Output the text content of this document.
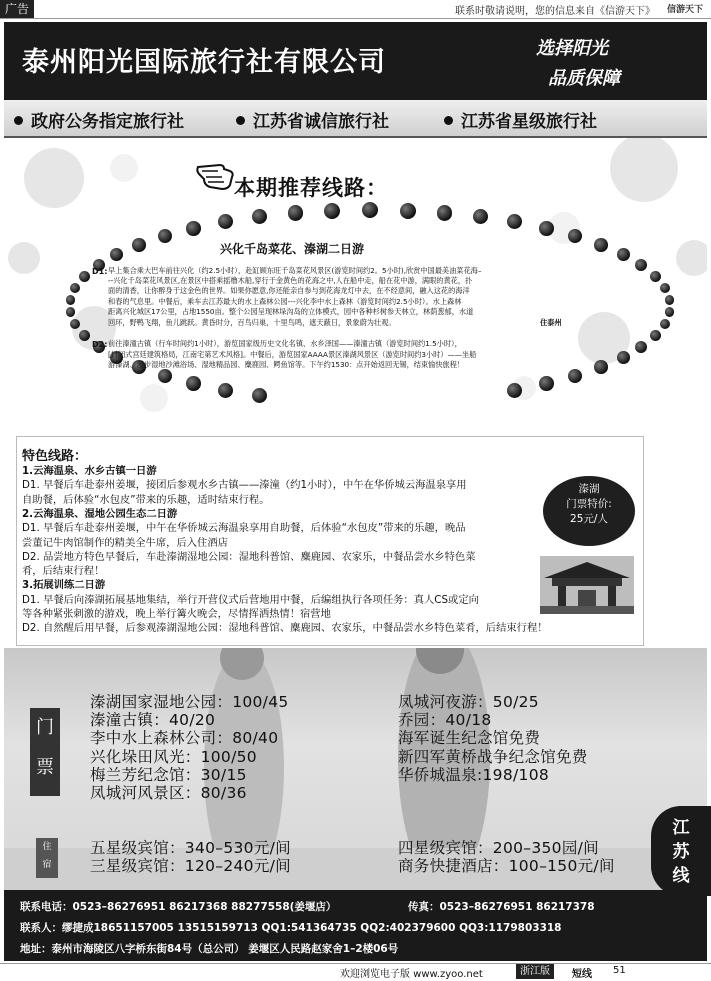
广告	联系时敬请说明，您的信息来自《信游天下》 信游天下
泰州阳光国际旅行社有限公司	选择阳光
品质保障
政府公务指定旅行社	江苏省诚信旅行社	江苏省星级旅行社
本期推荐线路：
兴化千岛菜花、溱湖二日游
D1: 早上集合乘大巴车前往兴化（约2.5小时），赴缸顾东旺千岛菜花风景区(游览时间约2。5小时),欣赏中国最美油菜花海–
--兴化千岛菜花风景区,在景区中搭乘摇橹木船,穿行于金黄色的花海之中,人在船中走，船在花中游，满眼的黄花，扑
面的清香，让你醉身于这金色的世界。如果你愿意,你还能亲自参与到花海龙灯中去，在不经意间，融入这花的海洋
和春的气息里。中餐后，乘车去江苏最大的水上森林公园---兴化李中水上森林（游览时间约2.5小时）。水上森林
距离兴化城区17公里，占地1550亩。整个公园呈现林垛沟岛的立体模式，园中各种杉树参天林立，林荫葱郁，水道
回环，野鸭飞翔，鱼儿跳跃。黄昏时分，百鸟归巢，十里鸟鸣，遮天蔽日，景象蔚为壮观。	住泰州
D2: 前往溱潼古镇（行车时间约1小时），游览国家级历史文化名镇、水乡泽国——溱潼古镇（游览时间约1.5小时），
[封闭式宫廷建筑格局，江南宅第艺术风格]。中餐后，游览国家AAAA景区溱湖风景区（游览时间约3小时）——坐船
游溱湖、漫步湿地沙滩浴场、湿地精品园、麋鹿园、鳄鱼馆等。下午约1530：点开始返回无锡，结束愉快旅程！
特色线路：
1.云海温泉、水乡古镇一日游
D1. 早餐后车赴泰州姜堰，接团后参观水乡古镇——溱潼（约1小时），中午在华侨城云海温泉享用
自助餐，后体验“水包皮”带来的乐趣，适时结束行程。
2.云海温泉、湿地公园生态二日游
D1. 早餐后车赴泰州姜堰，中午在华侨城云海温泉享用自助餐，后体验“水包皮”带来的乐趣，晚品
尝董记牛肉馆制作的精美全牛席，后入住酒店
D2. 品尝地方特色早餐后，车赴溱湖湿地公园：湿地科普馆、麋鹿园、农家乐，中餐品尝水乡特色菜
肴，后结束行程！
3.拓展训练二日游
D1. 早餐后向溱湖拓展基地集结，举行开营仪式后营地用中餐，后编组执行各项任务：真人CS或定向
等各种紧张刺激的游戏，晚上举行篝火晚会，尽情挥洒热情！宿营地
D2. 自然醒后用早餐，后参观溱湖湿地公园：湿地科普馆、麋鹿园、农家乐，中餐品尝水乡特色菜肴，后结束行程！
溱湖
门票特价:
25元/人
门
票
溱湖国家湿地公园：100/45
溱潼古镇：40/20
李中水上森林公司：80/40
兴化垛田风光：100/50
梅兰芳纪念馆：30/15
凤城河风景区：80/36
凤城河夜游：50/25
乔园：40/18
海军诞生纪念馆免费
新四军黄桥战争纪念馆免费
华侨城温泉:198/108
住
宿
五星级宾馆：340–530元/间
三星级宾馆：120–240元/间
四星级宾馆：200–350园/间
商务快捷酒店：100–150元/间
江
苏
线
联系电话：0523–86276951 86217368 88277558(姜堰店）	传真：0523–86276951 86217378
联系人：缪捷成18651157005 13515159713 QQ1:541364735 QQ2:402379600 QQ3:1179803318
地址：泰州市海陵区八字桥东街84号（总公司） 姜堰区人民路赵家舍1–2楼06号
欢迎浏览电子版 www.zyoo.net	浙江版	短线 51
